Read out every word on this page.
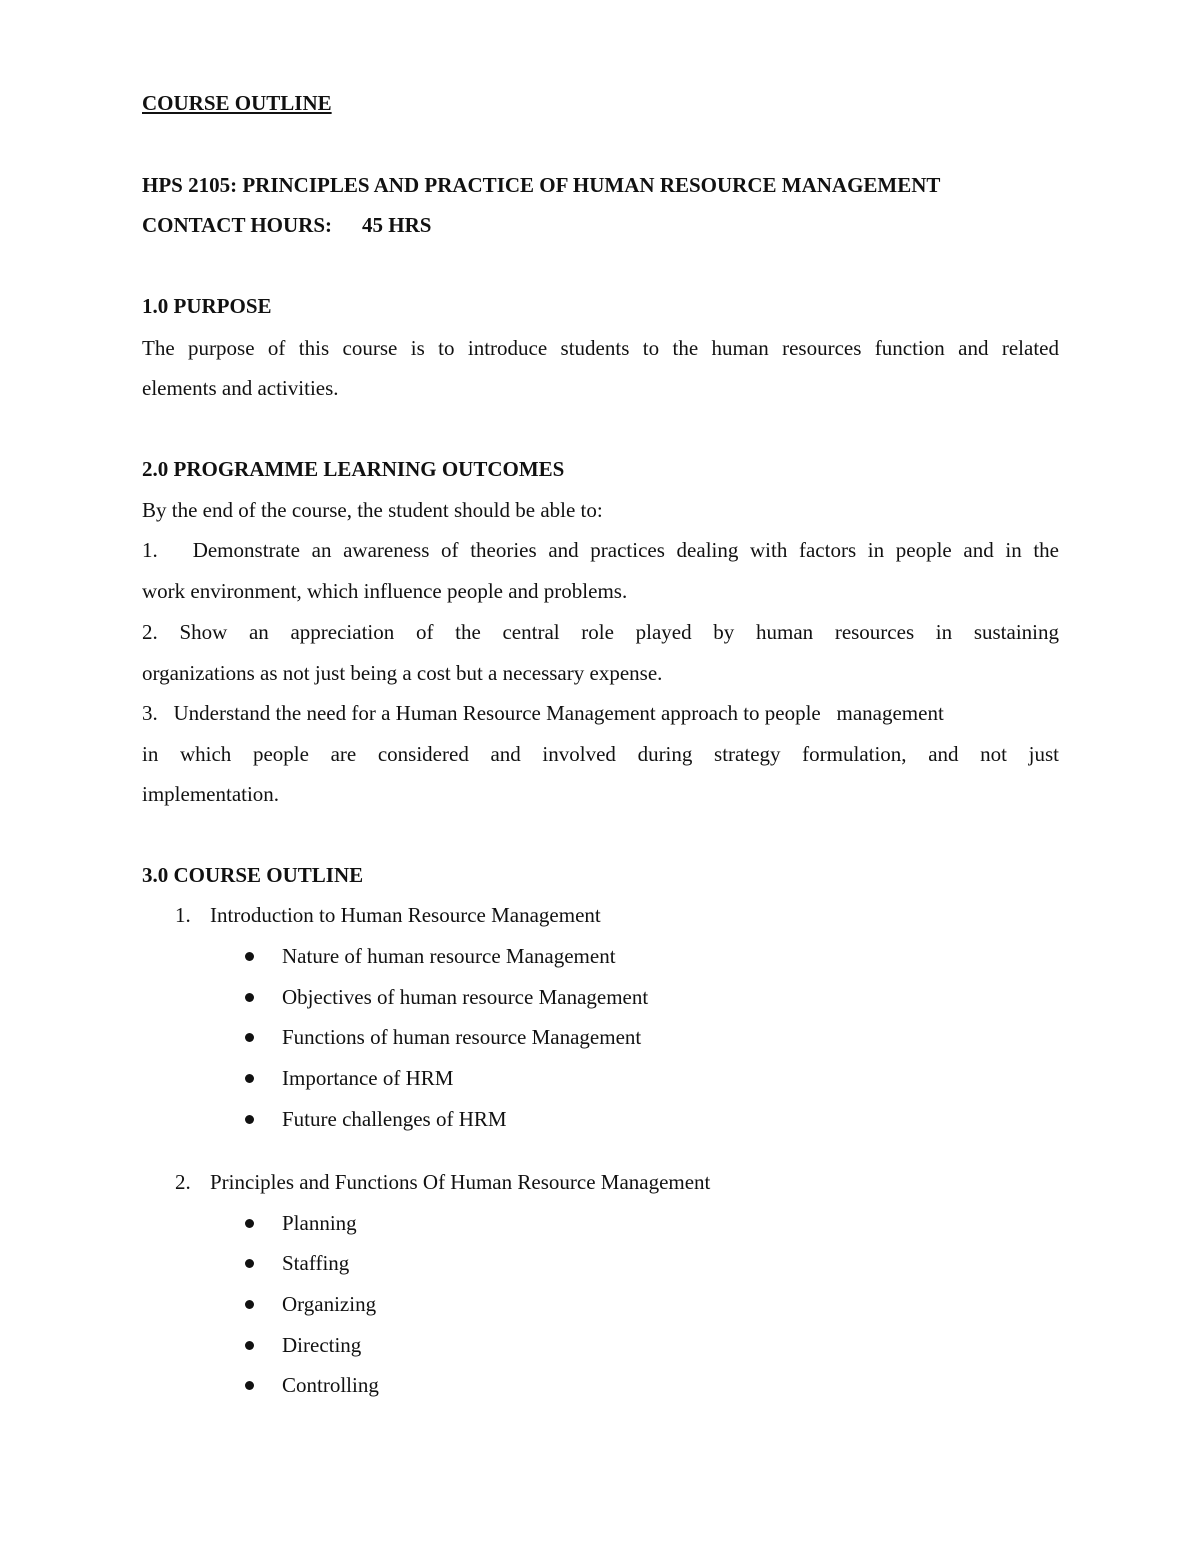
COURSE OUTLINE
HPS 2105: PRINCIPLES AND PRACTICE OF HUMAN RESOURCE MANAGEMENT
CONTACT HOURS: 45 HRS
1.0 PURPOSE
The purpose of this course is to introduce students to the human resources function and related
elements and activities.
2.0 PROGRAMME LEARNING OUTCOMES
By the end of the course, the student should be able to:
1.   Demonstrate an awareness of theories and practices dealing with factors in people and in the
work environment, which influence people and problems.
2. Show an appreciation of the central role played by human resources in sustaining
organizations as not just being a cost but a necessary expense.
3.   Understand the need for a Human Resource Management approach to people   management
in which people are considered and involved during strategy formulation, and not just
implementation.
3.0 COURSE OUTLINE
1. Introduction to Human Resource Management
Nature of human resource Management
Objectives of human resource Management
Functions of human resource Management
Importance of HRM
Future challenges of HRM
2. Principles and Functions Of Human Resource Management
Planning
Staffing
Organizing
Directing
Controlling
